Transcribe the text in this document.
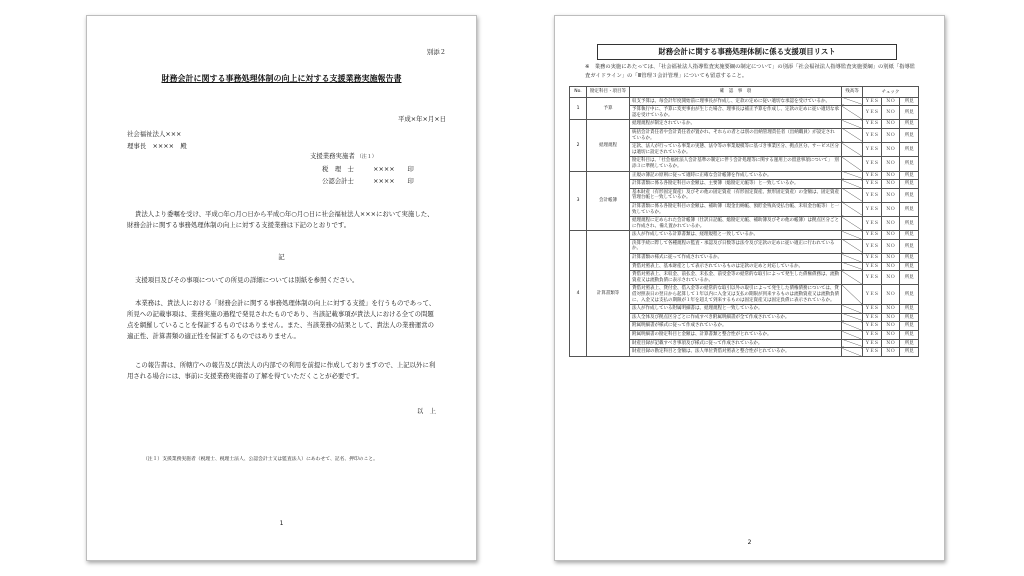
別添２
財務会計に関する事務処理体制の向上に対する支援業務実施報告書
平成×年×月×日
社会福祉法人×××
理事長　××××　殿
支援業務実施者 （注１）
税　理　士　　　××××　　印
公認会計士　　　××××　　印
貴法人より委嘱を受け、平成○年○月○日から平成○年○月○日に社会福祉法人×××において実施した、財務会計に関する事務処理体制の向上に対する支援業務は下記のとおりです。
記
支援項目及びその事項についての所見の詳細については別紙を参照ください。
本業務は、貴法人における「財務会計に関する事務処理体制の向上に対する支援」を行うものであって、所見への記載事項は、業務実施の過程で発見されたものであり、当該記載事項が貴法人における全ての問題点を網羅していることを保証するものではありません。また、当該業務の結果として、貴法人の業務運営の適正性、計算書類の適正性を保証するものではありません。
この報告書は、所轄庁への報告及び貴法人の内部での利用を前提に作成しておりますので、上記以外に利用される場合には、事前に支援業務実施者の了解を得ていただくことが必要です。
以　上
（注１）支援業務実施者（税理士、税理士法人、公認会計士又は監査法人）にあわせて、記名、押印のこと。
1
財務会計に関する事務処理体制に係る支援項目リスト
※　業務の実施にあたっては、「社会福祉法人指導監査実施要綱の制定について」の別添「社会福祉法人指導監査実施要綱」の別紙「指導監査ガイドライン」の「Ⅲ管理３会計管理」についても留意すること。
No.	勘定科目・項目等	確　認　事　項	残高等			
				チェック		
1	予算	収支予算は、毎会計年度開始前に理事長が作成し、定款の定めに従い適切な承認を受けているか。		ＹＥＳ	ＮＯ	所見
		予算執行中に、予算に変更事由が生じた場合、理事長は補正予算を作成し、定款の定めに従い適切な承認を受けているか。		ＹＥＳ	ＮＯ	所見
2	経理規程	経理規程が制定されているか。		ＹＥＳ	ＮＯ	所見
		統括会計責任者や会計責任者が置かれ、それらの者とは別の出納管理責任者（出納職員）が設定されているか。		ＹＥＳ	ＮＯ	所見
		定款、法人が行っている事業の実態、法令等の事業規模等に基づき事業区分、拠点区分、サービス区分は適切に設定されているか。		ＹＥＳ	ＮＯ	所見
		勘定科目は、「社会福祉法人会計基準の制定に伴う会計処理等に関する運用上の留意事項について」　別添３に準拠しているか。		ＹＥＳ	ＮＯ	所見
3	会計帳簿	正規の簿記の原則に従って適時に正確な会計帳簿を作成しているか。		ＹＥＳ	ＮＯ	所見
		計算書類に係る各勘定科目の金額は、主要簿（総勘定元帳等）と一致しているか。		ＹＥＳ	ＮＯ	所見
		基本財産（有形固定資産）及びその他の固定資産（有形固定資産、無形固定資産）の金額は、固定資産管理台帳と一致しているか。		ＹＥＳ	ＮＯ	所見
		計算書類に係る各勘定科目の金額は、補助簿（現金出納帳、預貯金残高受払台帳、未収金台帳等）と一致しているか。		ＹＥＳ	ＮＯ	所見
		経理規程に定められた会計帳簿（仕訳日記帳、総勘定元帳、補助簿及びその他の帳簿）は拠点区分ごとに作成され、備え置かれているか。		ＹＥＳ	ＮＯ	所見
4	計算書類等	法人が作成している計算書類は、経理規程と一致しているか。		ＹＥＳ	ＮＯ	所見
		決算手続に際して各種規程の監査・承認及び日数等は法令及び定款の定めに従い適正に行われているか。		ＹＥＳ	ＮＯ	所見
		計算書類の様式に従って作成されているか。		ＹＥＳ	ＮＯ	所見
		貸借対照表上、基本財産として表示されているものは定款の定めと対応しているか。		ＹＥＳ	ＮＯ	所見
		貸借対照表上、未収金、前払金、未払金、前受金等の経常的な取引によって発生した債権債務は、流動資産又は流動負債に表示されているか。		ＹＥＳ	ＮＯ	所見
		貸借対照表上、貸付金、借入金等の経常的な取引以外の取引によって発生した債権債務については、貸借対照表日の翌日から起算して１年以内に入金又は支払の期限が到来するものは流動資産又は流動負債に、入金又は支払の期限が１年を超えて到来するものは固定資産又は固定負債に表示されているか。		ＹＥＳ	ＮＯ	所見
		法人が作成している附属明細書は、経理規程と一致しているか。		ＹＥＳ	ＮＯ	所見
		法人全体及び拠点区分ごとに作成すべき附属明細書が全て作成されているか。		ＹＥＳ	ＮＯ	所見
		附属明細書が様式に従って作成されているか。		ＹＥＳ	ＮＯ	所見
		附属明細書の勘定科目と金額は、計算書類と整合性がとれているか。		ＹＥＳ	ＮＯ	所見
		財産目録が記載すべき事項及び様式に従って作成されているか。		ＹＥＳ	ＮＯ	所見
		財産目録の勘定科目と金額は、法人単位貸借対照表と整合性がとれているか。		ＹＥＳ	ＮＯ	所見
2
